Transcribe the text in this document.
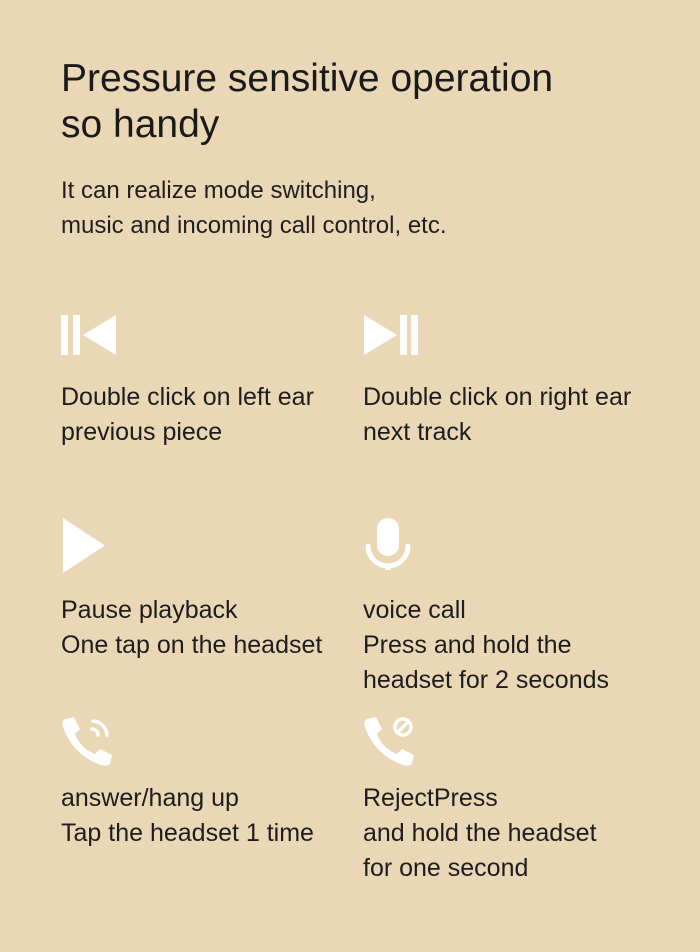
Pressure sensitive operation
so handy
It can realize mode switching,
music and incoming call control, etc.
Double click on left ear
previous piece
Double click on right ear
next track
Pause playback
One tap on the headset
voice call
Press and hold the
headset for 2 seconds
answer/hang up
Tap the headset 1 time
RejectPress
and hold the headset
for one second
